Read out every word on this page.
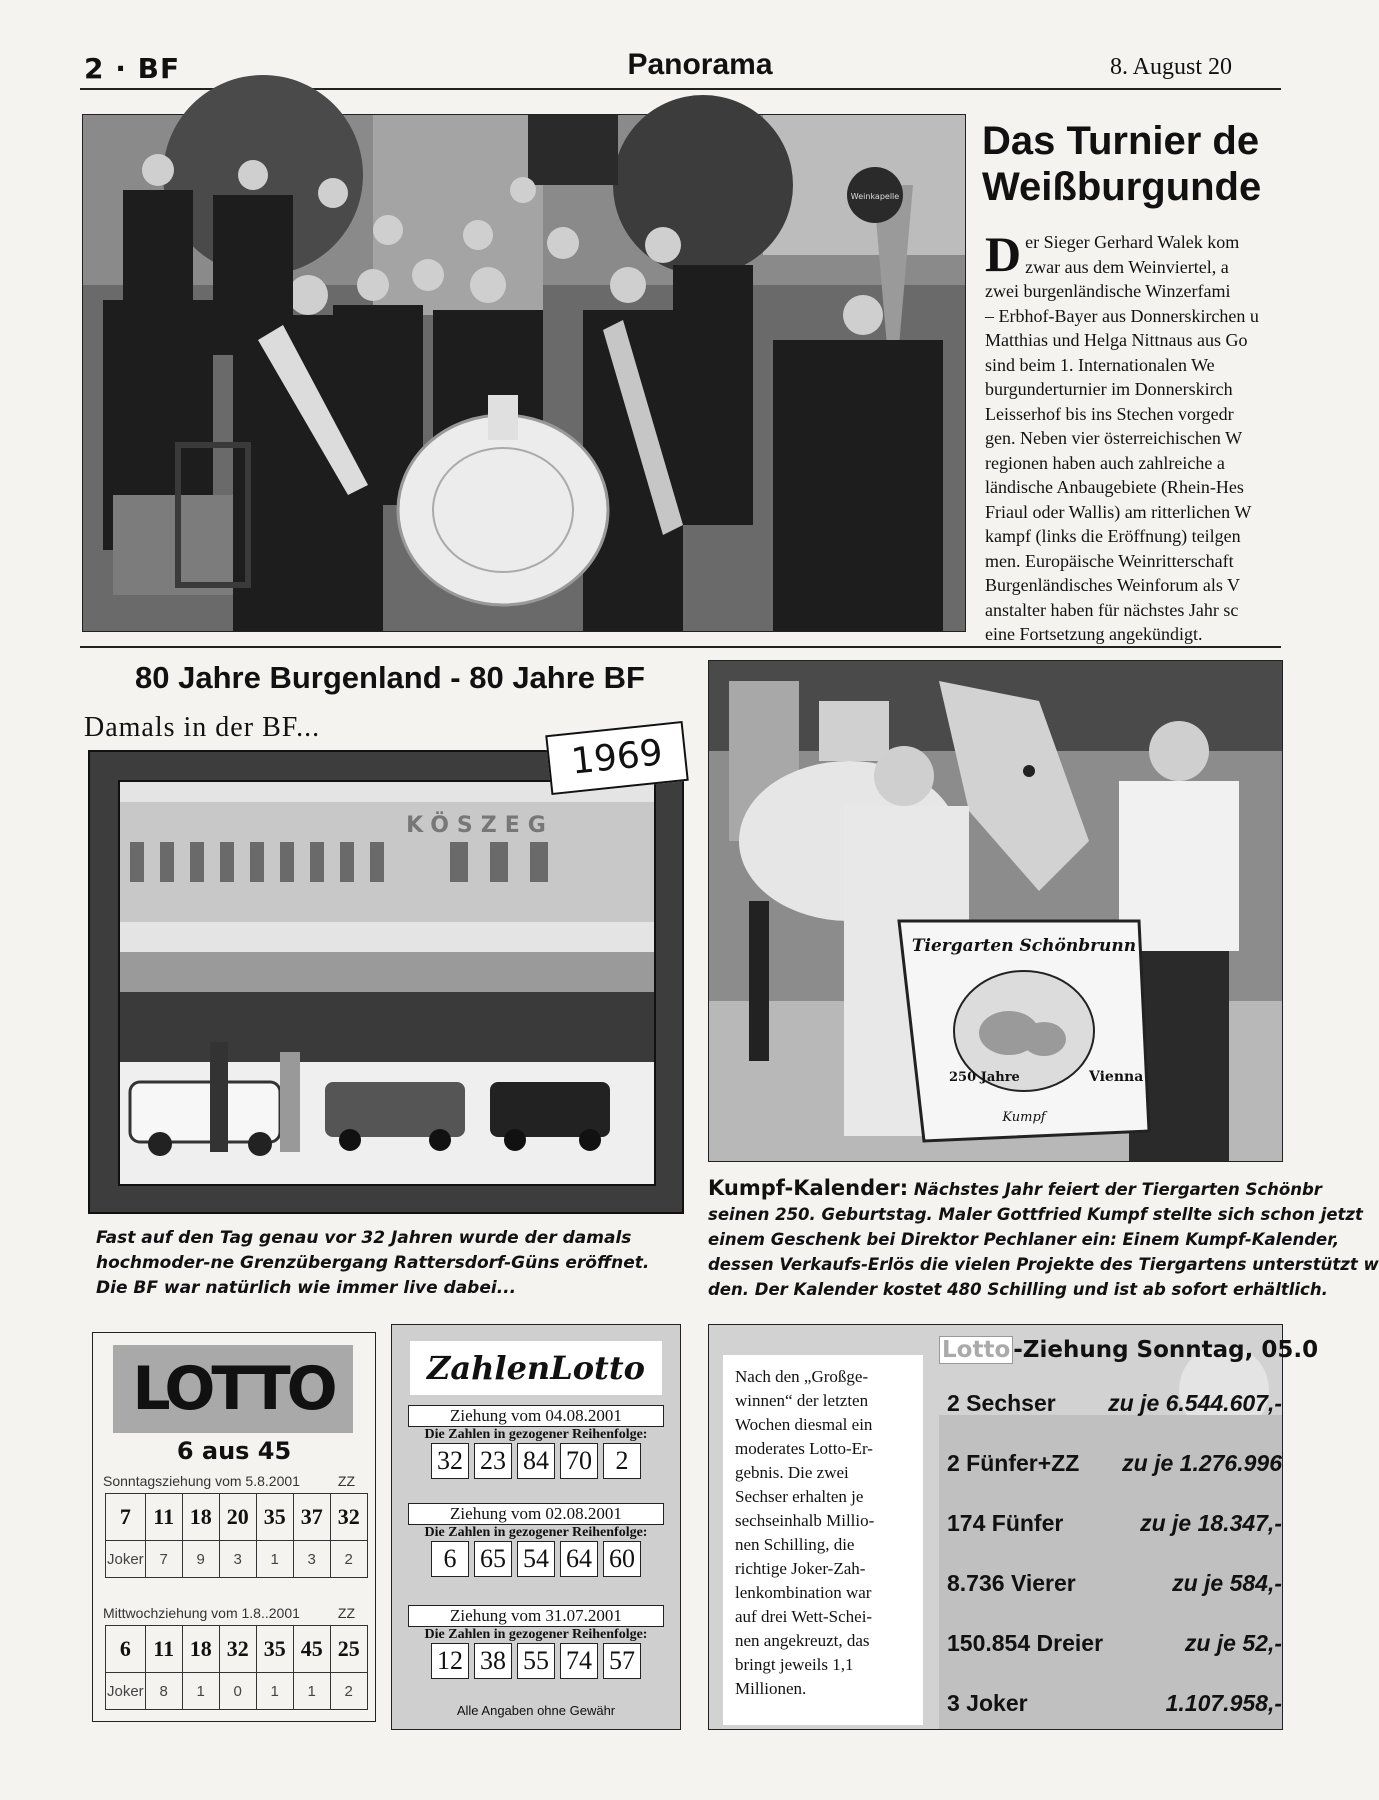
2 · BF	Panorama	8. August 20
Weinkapelle
Das Turnier de
Weißburgunde
D er Sieger Gerhard Walek kom
zwar aus dem Weinviertel, a
zwei burgenländische Winzerfami
– Erbhof-Bayer aus Donnerskirchen u
Matthias und Helga Nittnaus aus Go
sind beim 1. Internationalen We
burgunderturnier im Donnerskirch
Leisserhof bis ins Stechen vorgedr
gen. Neben vier österreichischen W
regionen haben auch zahlreiche a
ländische Anbaugebiete (Rhein-Hes
Friaul oder Wallis) am ritterlichen W
kampf (links die Eröffnung) teilgen
men. Europäische Weinritterschaft
Burgenländisches Weinforum als V
anstalter haben für nächstes Jahr sc
eine Fortsetzung angekündigt.
80 Jahre Burgenland - 80 Jahre BF
Damals in der BF...
KÖSZEG
1969
Fast auf den Tag genau vor 32 Jahren wurde der damals hochmoder-ne Grenzübergang Rattersdorf-Güns eröffnet. Die BF war natürlich wie immer live dabei...
Tiergarten Schönbrunn
250 Jahre	Vienna
Kumpf
Kumpf-Kalender: Nächstes Jahr feiert der Tiergarten Schönbr
seinen 250. Geburtstag. Maler Gottfried Kumpf stellte sich schon jetzt
einem Geschenk bei Direktor Pechlaner ein: Einem Kumpf-Kalender,
dessen Verkaufs-Erlös die vielen Projekte des Tiergartens unterstützt w
den. Der Kalender kostet 480 Schilling und ist ab sofort erhältlich.
LOTTO
6 aus 45
Sonntagsziehung vom 5.8.2001	ZZ
7	11	18	20	35	37	32
Joker	7	9	3	1	3	2
Mittwochziehung vom 1.8..2001	ZZ
6	11	18	32	35	45	25
Joker	8	1	0	1	1	2
ZahlenLotto
Ziehung vom 04.08.2001
Die Zahlen in gezogener Reihenfolge:
32 23 84 70 2
Ziehung vom 02.08.2001
Die Zahlen in gezogener Reihenfolge:
6 65 54 64 60
Ziehung vom 31.07.2001
Die Zahlen in gezogener Reihenfolge:
12 38 55 74 57
Alle Angaben ohne Gewähr
Lotto -Ziehung Sonntag, 05.0
Nach den „Großge-
winnen“ der letzten
Wochen diesmal ein
moderates Lotto-Er-
gebnis. Die zwei
Sechser erhalten je
sechseinhalb Millio-
nen Schilling, die
richtige Joker-Zah-
lenkombination war
auf drei Wett-Schei-
nen angekreuzt, das
bringt jeweils 1,1
Millionen.
2 Sechser zu je 6.544.607,-
2 Fünfer+ZZ zu je 1.276.996
174 Fünfer	zu je 18.347,-
8.736 Vierer	zu je 584,-
150.854 Dreier	zu je 52,-
3 Joker	1.107.958,-
